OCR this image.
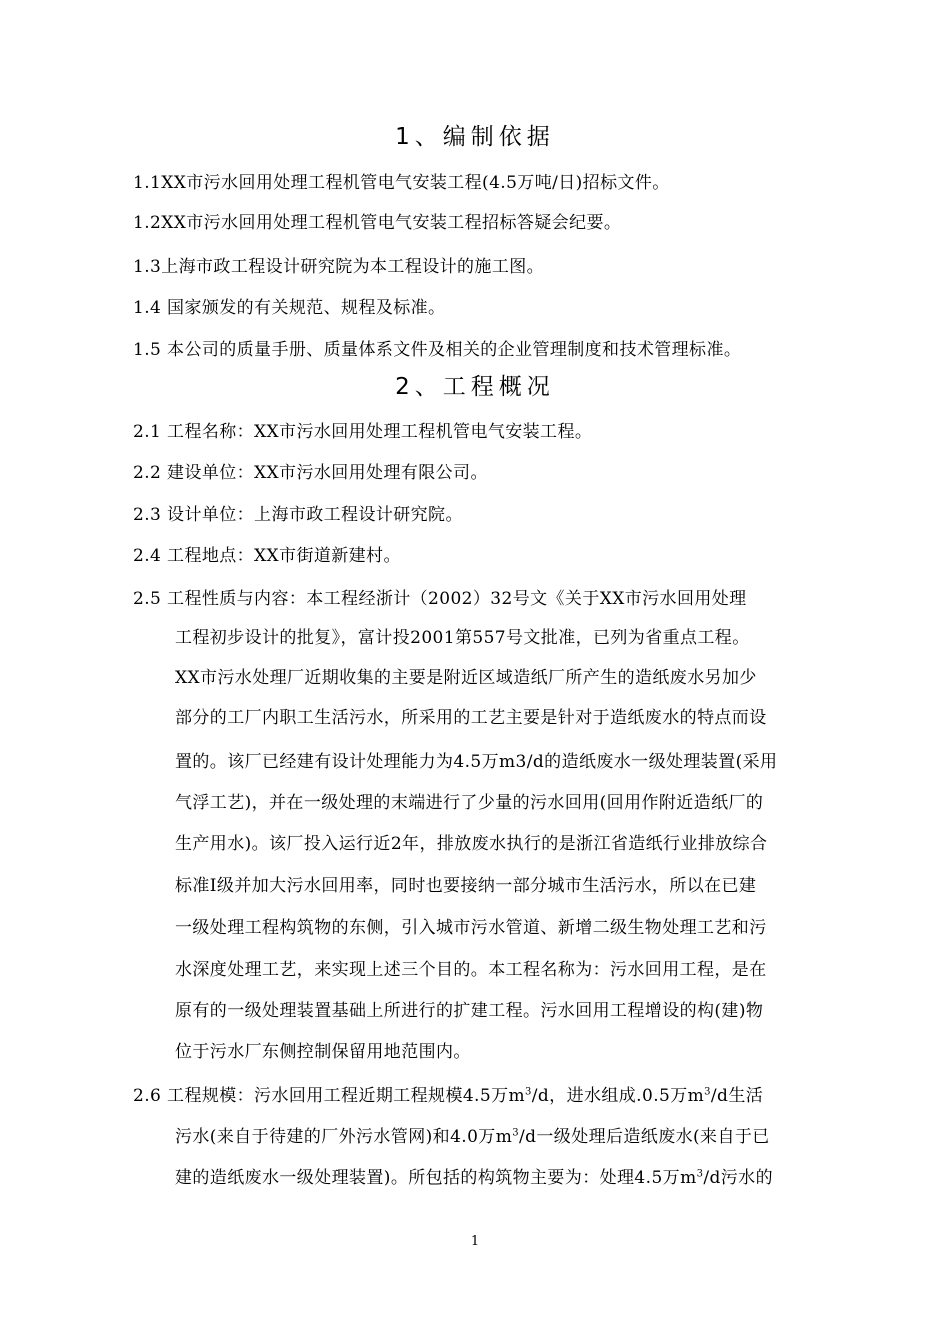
1、编制依据
1.1XX市污水回用处理工程机管电气安装工程(4.5万吨/日)招标文件。
1.2XX市污水回用处理工程机管电气安装工程招标答疑会纪要。
1.3上海市政工程设计研究院为本工程设计的施工图。
1.4 国家颁发的有关规范、规程及标准。
1.5 本公司的质量手册、质量体系文件及相关的企业管理制度和技术管理标准。
2、工程概况
2.1 工程名称：XX市污水回用处理工程机管电气安装工程。
2.2 建设单位：XX市污水回用处理有限公司。
2.3 设计单位：上海市政工程设计研究院。
2.4 工程地点：XX市街道新建村。
2.5 工程性质与内容：本工程经浙计（2002）32号文《关于XX市污水回用处理
工程初步设计的批复》，富计投2001第557号文批准，已列为省重点工程。
XX市污水处理厂近期收集的主要是附近区域造纸厂所产生的造纸废水另加少
部分的工厂内职工生活污水，所采用的工艺主要是针对于造纸废水的特点而设
置的。该厂已经建有设计处理能力为4.5万m3/d的造纸废水一级处理装置(采用
气浮工艺)，并在一级处理的末端进行了少量的污水回用(回用作附近造纸厂的
生产用水)。该厂投入运行近2年，排放废水执行的是浙江省造纸行业排放综合
标准I级并加大污水回用率，同时也要接纳一部分城市生活污水，所以在已建
一级处理工程构筑物的东侧，引入城市污水管道、新增二级生物处理工艺和污
水深度处理工艺，来实现上述三个目的。本工程名称为：污水回用工程，是在
原有的一级处理装置基础上所进行的扩建工程。污水回用工程增设的构(建)物
位于污水厂东侧控制保留用地范围内。
2.6 工程规模：污水回用工程近期工程规模4.5万$m^3/d$，进水组成.0.5万$m^3/d$生活
污水(来自于待建的厂外污水管网)和4.0万$m^3/d$一级处理后造纸废水(来自于已
建的造纸废水一级处理装置)。所包括的构筑物主要为：处理4.5万$m^3/d$污水的
1
